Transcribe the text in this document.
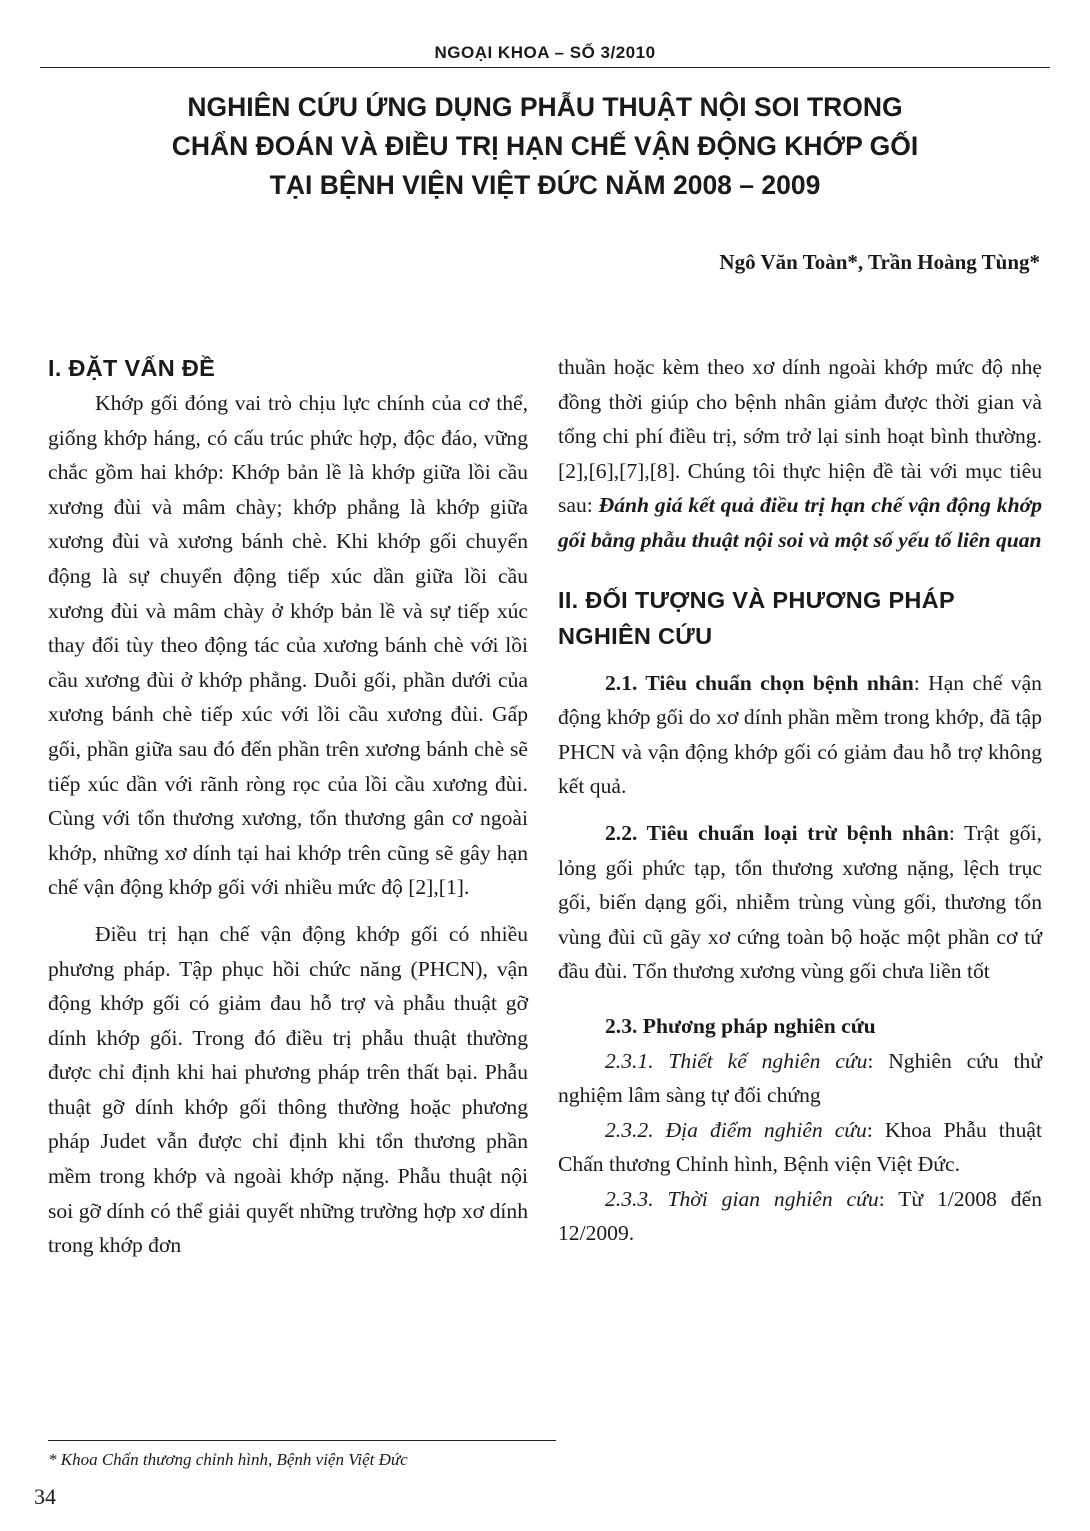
NGOẠI KHOA – SỐ 3/2010
NGHIÊN CỨU ỨNG DỤNG PHẪU THUẬT NỘI SOI TRONG
CHẨN ĐOÁN VÀ ĐIỀU TRỊ HẠN CHẾ VẬN ĐỘNG KHỚP GỐI
TẠI BỆNH VIỆN VIỆT ĐỨC NĂM 2008 – 2009
Ngô Văn Toàn*, Trần Hoàng Tùng*
I. ĐẶT VẤN ĐỀ

Khớp gối đóng vai trò chịu lực chính của cơ thể, giống khớp háng, có cấu trúc phức hợp, độc đáo, vững chắc gồm hai khớp: Khớp bản lề là khớp giữa lồi cầu xương đùi và mâm chày; khớp phẳng là khớp giữa xương đùi và xương bánh chè. Khi khớp gối chuyển động là sự chuyển động tiếp xúc dần giữa lồi cầu xương đùi và mâm chày ở khớp bản lề và sự tiếp xúc thay đổi tùy theo động tác của xương bánh chè với lồi cầu xương đùi ở khớp phẳng. Duỗi gối, phần dưới của xương bánh chè tiếp xúc với lồi cầu xương đùi. Gấp gối, phần giữa sau đó đến phần trên xương bánh chè sẽ tiếp xúc dần với rãnh ròng rọc của lồi cầu xương đùi. Cùng với tổn thương xương, tổn thương gân cơ ngoài khớp, những xơ dính tại hai khớp trên cũng sẽ gây hạn chế vận động khớp gối với nhiều mức độ [2],[1].

Điều trị hạn chế vận động khớp gối có nhiều phương pháp. Tập phục hồi chức năng (PHCN), vận động khớp gối có giảm đau hỗ trợ và phẫu thuật gỡ dính khớp gối. Trong đó điều trị phẫu thuật thường được chỉ định khi hai phương pháp trên thất bại. Phẫu thuật gỡ dính khớp gối thông thường hoặc phương pháp Judet vẫn được chỉ định khi tổn thương phần mềm trong khớp và ngoài khớp nặng. Phẫu thuật nội soi gỡ dính có thể giải quyết những trường hợp xơ dính trong khớp đơn

thuần hoặc kèm theo xơ dính ngoài khớp mức độ nhẹ đồng thời giúp cho bệnh nhân giảm được thời gian và tổng chi phí điều trị, sớm trở lại sinh hoạt bình thường. [2],[6],[7],[8]. Chúng tôi thực hiện đề tài với mục tiêu sau: Đánh giá kết quả điều trị hạn chế vận động khớp gối bằng phẫu thuật nội soi và một số yếu tố liên quan

II. ĐỐI TƯỢNG VÀ PHƯƠNG PHÁP
NGHIÊN CỨU

2.1. Tiêu chuẩn chọn bệnh nhân: Hạn chế vận động khớp gối do xơ dính phần mềm trong khớp, đã tập PHCN và vận động khớp gối có giảm đau hỗ trợ không kết quả.

2.2. Tiêu chuẩn loại trừ bệnh nhân: Trật gối, lỏng gối phức tạp, tổn thương xương nặng, lệch trục gối, biến dạng gối, nhiễm trùng vùng gối, thương tổn vùng đùi cũ gãy xơ cứng toàn bộ hoặc một phần cơ tứ đầu đùi. Tổn thương xương vùng gối chưa liền tốt

2.3. Phương pháp nghiên cứu

2.3.1. Thiết kế nghiên cứu: Nghiên cứu thử nghiệm lâm sàng tự đối chứng

2.3.2. Địa điểm nghiên cứu: Khoa Phẫu thuật Chấn thương Chỉnh hình, Bệnh viện Việt Đức.

2.3.3. Thời gian nghiên cứu: Từ 1/2008 đến 12/2009.

* Khoa Chấn thương chỉnh hình, Bệnh viện Việt Đức
34
